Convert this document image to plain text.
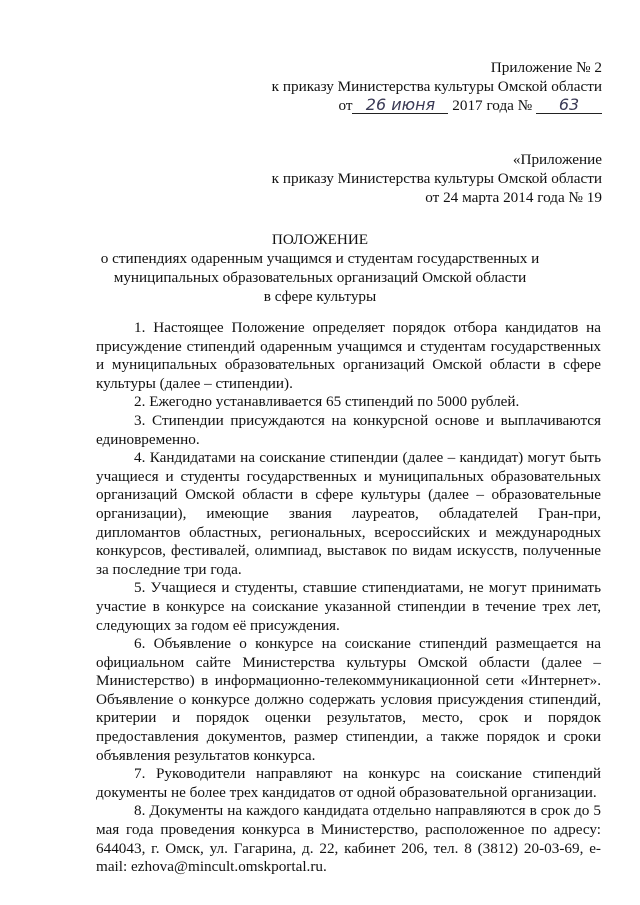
Приложение № 2
к приказу Министерства культуры Омской области
от 26 июня 2017 года № 63
«Приложение
к приказу Министерства культуры Омской области
от 24 марта 2014 года № 19
ПОЛОЖЕНИЕ
о стипендиях одаренным учащимся и студентам государственных и
муниципальных образовательных организаций Омской области
в сфере культуры

1. Настоящее Положение определяет порядок отбора кандидатов на присуждение стипендий одаренным учащимся и студентам государственных и муниципальных образовательных организаций Омской области в сфере культуры (далее – стипендии).

2. Ежегодно устанавливается 65 стипендий по 5000 рублей.

3. Стипендии присуждаются на конкурсной основе и выплачиваются единовременно.

4. Кандидатами на соискание стипендии (далее – кандидат) могут быть учащиеся и студенты государственных и муниципальных образовательных организаций Омской области в сфере культуры (далее – образовательные организации), имеющие звания лауреатов, обладателей Гран-при, дипломантов областных, региональных, всероссийских и международных конкурсов, фестивалей, олимпиад, выставок по видам искусств, полученные за последние три года.

5. Учащиеся и студенты, ставшие стипендиатами, не могут принимать участие в конкурсе на соискание указанной стипендии в течение трех лет, следующих за годом её присуждения.

6. Объявление о конкурсе на соискание стипендий размещается на официальном сайте Министерства культуры Омской области (далее – Министерство) в информационно-телекоммуникационной сети «Интернет». Объявление о конкурсе должно содержать условия присуждения стипендий, критерии и порядок оценки результатов, место, срок и порядок предоставления документов, размер стипендии, а также порядок и сроки объявления результатов конкурса.

7. Руководители направляют на конкурс на соискание стипендий документы не более трех кандидатов от одной образовательной организации.

8. Документы на каждого кандидата отдельно направляются в срок до 5 мая года проведения конкурса в Министерство, расположенное по адресу: 644043, г. Омск, ул. Гагарина, д. 22, кабинет 206, тел. 8 (3812) 20-03-69, e-mail: ezhova@mincult.omskportal.ru.
